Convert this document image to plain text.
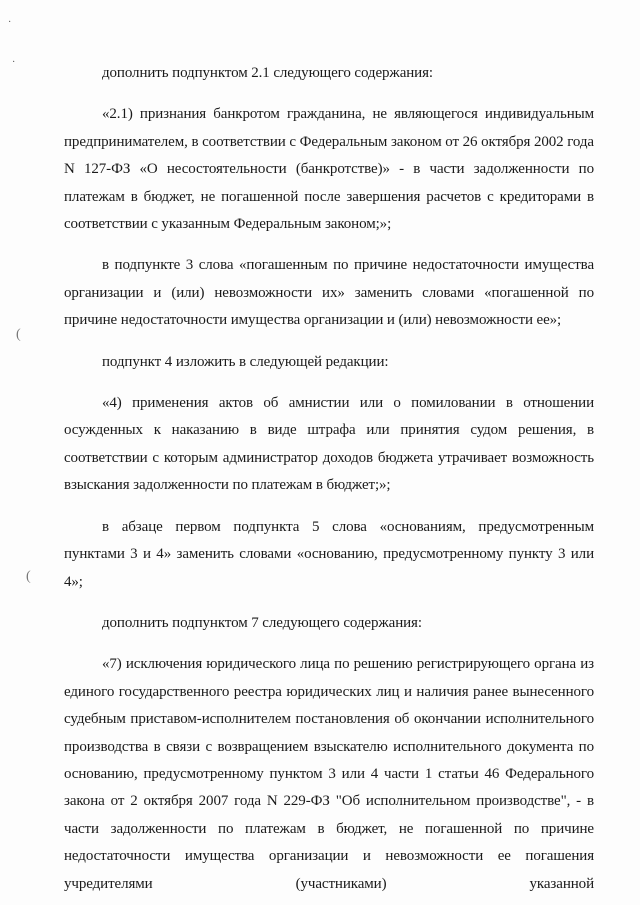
·
·
(
(

дополнить подпунктом 2.1 следующего содержания:

«2.1) признания банкротом гражданина, не являющегося индивидуальным предпринимателем, в соответствии с Федеральным законом от 26 октября 2002 года N 127-ФЗ «О несостоятельности (банкротстве)» - в части задолженности по платежам в бюджет, не погашенной после завершения расчетов с кредиторами в соответствии с указанным Федеральным законом;»;

в подпункте 3 слова «погашенным по причине недостаточности имущества организации и (или) невозможности их» заменить словами «погашенной по причине недостаточности имущества организации и (или) невозможности ее»;

подпункт 4 изложить в следующей редакции:

«4) применения актов об амнистии или о помиловании в отношении осужденных к наказанию в виде штрафа или принятия судом решения, в соответствии с которым администратор доходов бюджета утрачивает возможность взыскания задолженности по платежам в бюджет;»;

в абзаце первом подпункта 5 слова «основаниям, предусмотренным пунктами 3 и 4» заменить словами «основанию, предусмотренному пункту 3 или 4»;

дополнить подпунктом 7 следующего содержания:

«7) исключения юридического лица по решению регистрирующего органа из единого государственного реестра юридических лиц и наличия ранее вынесенного судебным приставом-исполнителем постановления об окончании исполнительного производства в связи с возвращением взыскателю исполнительного документа по основанию, предусмотренному пунктом 3 или 4 части 1 статьи 46 Федерального закона от 2 октября 2007 года N 229-ФЗ "Об исполнительном производстве", - в части задолженности по платежам в бюджет, не погашенной по причине недостаточности имущества организации и невозможности ее погашения учредителями (участниками) указанной
